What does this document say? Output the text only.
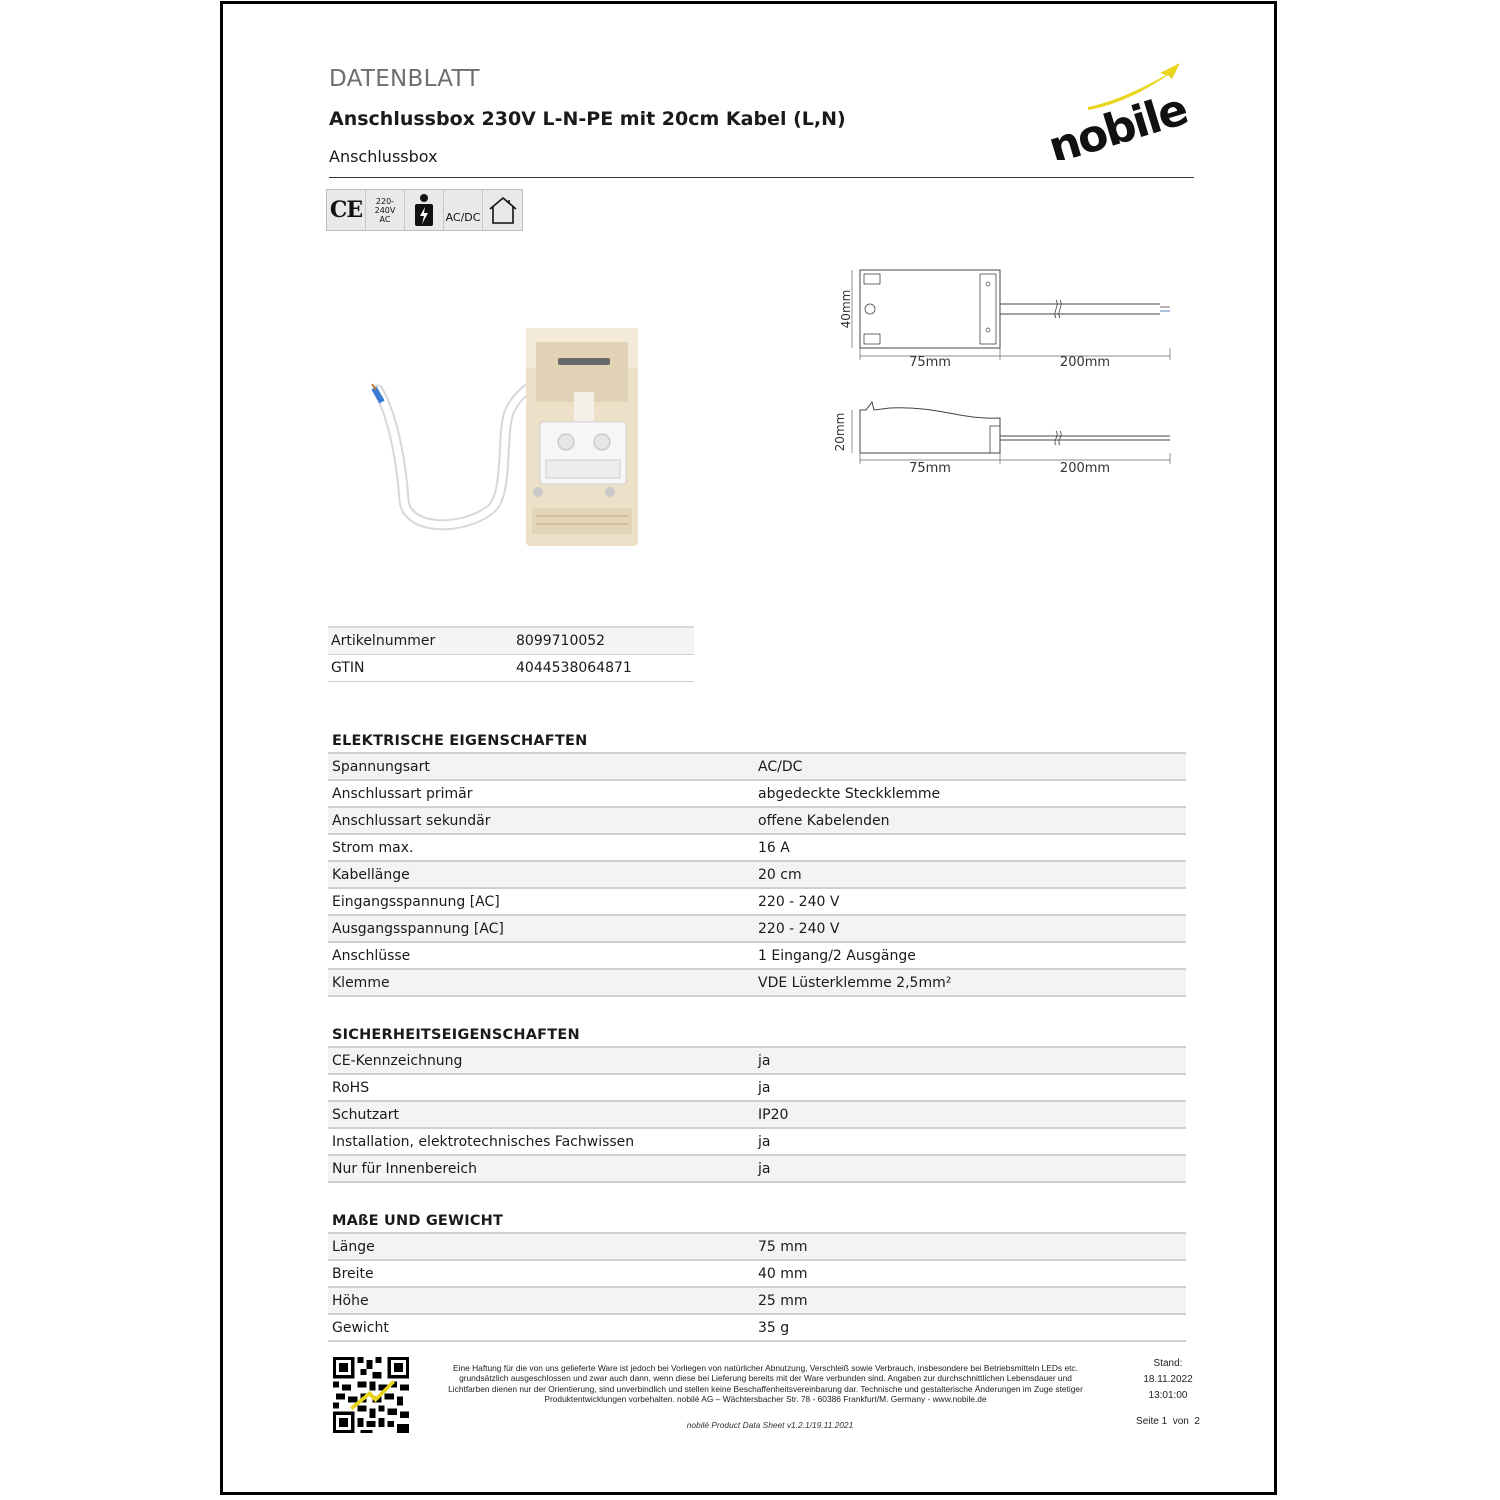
DATENBLATT
Anschlussbox 230V L-N-PE mit 20cm Kabel (L,N)
Anschlussbox	nobile
CE	220-240V
AC	AC/DC
40mm
75mm	200mm
20mm
75mm	200mm
Artikelnummer	8099710052
GTIN	4044538064871
ELEKTRISCHE EIGENSCHAFTEN
Spannungsart	AC/DC
Anschlussart primär	abgedeckte Steckklemme
Anschlussart sekundär	offene Kabelenden
Strom max.	16 A
Kabellänge	20 cm
Eingangsspannung [AC]	220 - 240 V
Ausgangsspannung [AC]	220 - 240 V
Anschlüsse	1 Eingang/2 Ausgänge
Klemme	VDE Lüsterklemme 2,5mm²
SICHERHEITSEIGENSCHAFTEN
CE-Kennzeichnung	ja
RoHS	ja
Schutzart	IP20
Installation, elektrotechnisches Fachwissen	ja
Nur für Innenbereich	ja
MAßE UND GEWICHT
Länge	75 mm
Breite	40 mm
Höhe	25 mm
Gewicht	35 g
Eine Haftung für die von uns gelieferte Ware ist jedoch bei Vorliegen von natürlicher Abnutzung, Verschleiß sowie Verbrauch, insbesondere bei Betriebsmitteln LEDs etc.
grundsätzlich ausgeschlossen und zwar auch dann, wenn diese bei Lieferung bereits mit der Ware verbunden sind. Angaben zur durchschnittlichen Lebensdauer und
Lichtfarben dienen nur der Orientierung, sind unverbindlich und stellen keine Beschaffenheitsvereinbarung dar. Technische und gestalterische Änderungen im Zuge stetiger
Produktentwicklungen vorbehalten. nobilé AG – Wächtersbacher Str. 78 - 60386 Frankfurt/M. Germany - www.nobile.de
nobilé Product Data Sheet v1.2.1/19.11.2021
Stand:
18.11.2022
13:01:00
Seite 1  von  2
